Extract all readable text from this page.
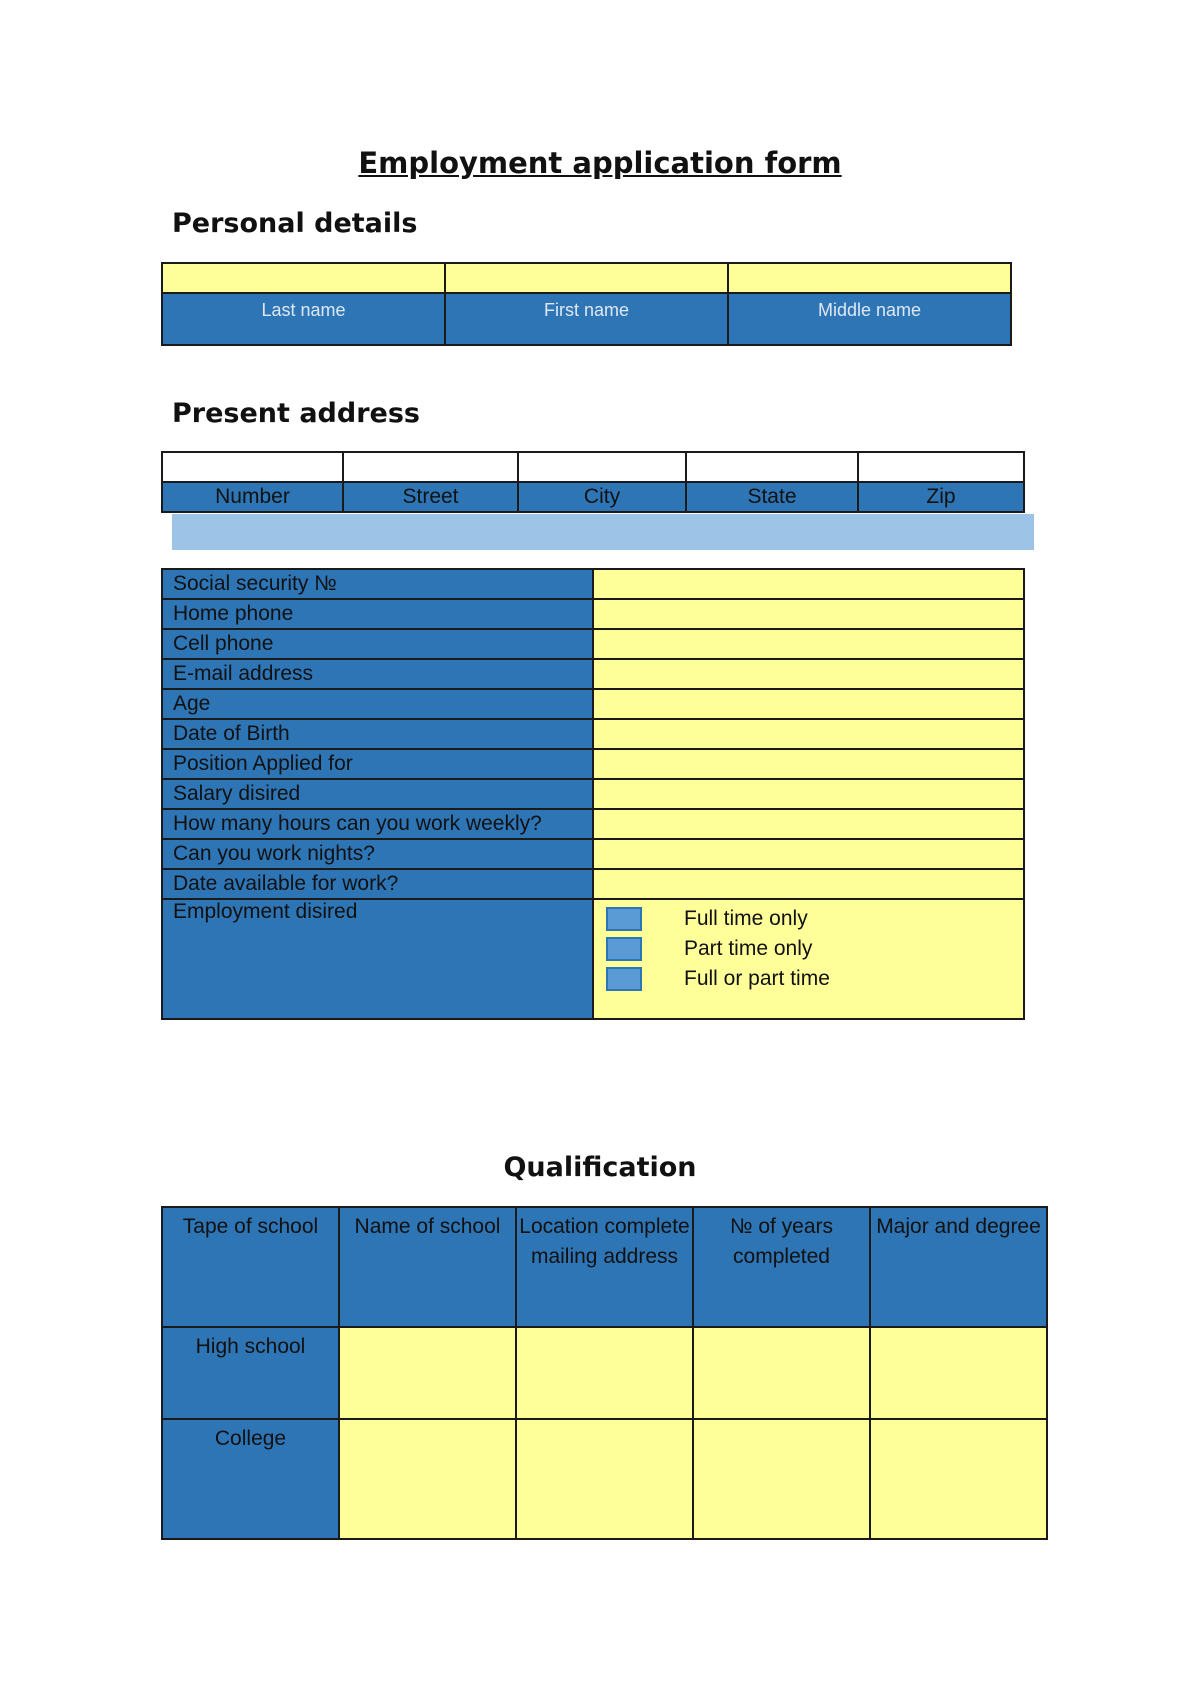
Employment application form
Personal details

Last name	First name	Middle name
Present address

Number	Street	City	State	Zip
Social security №	
Home phone	
Cell phone	
E-mail address	
Age	
Date of Birth	
Position Applied for	
Salary disired	
How many hours can you work weekly?	
Can you work nights?	
Date available for work?	
Employment disired	Full time only
Part time only
Full or part time
Qualification
Tape of school	Name of school	Location complete mailing address	№ of years completed	Major and degree
High school				
College				
